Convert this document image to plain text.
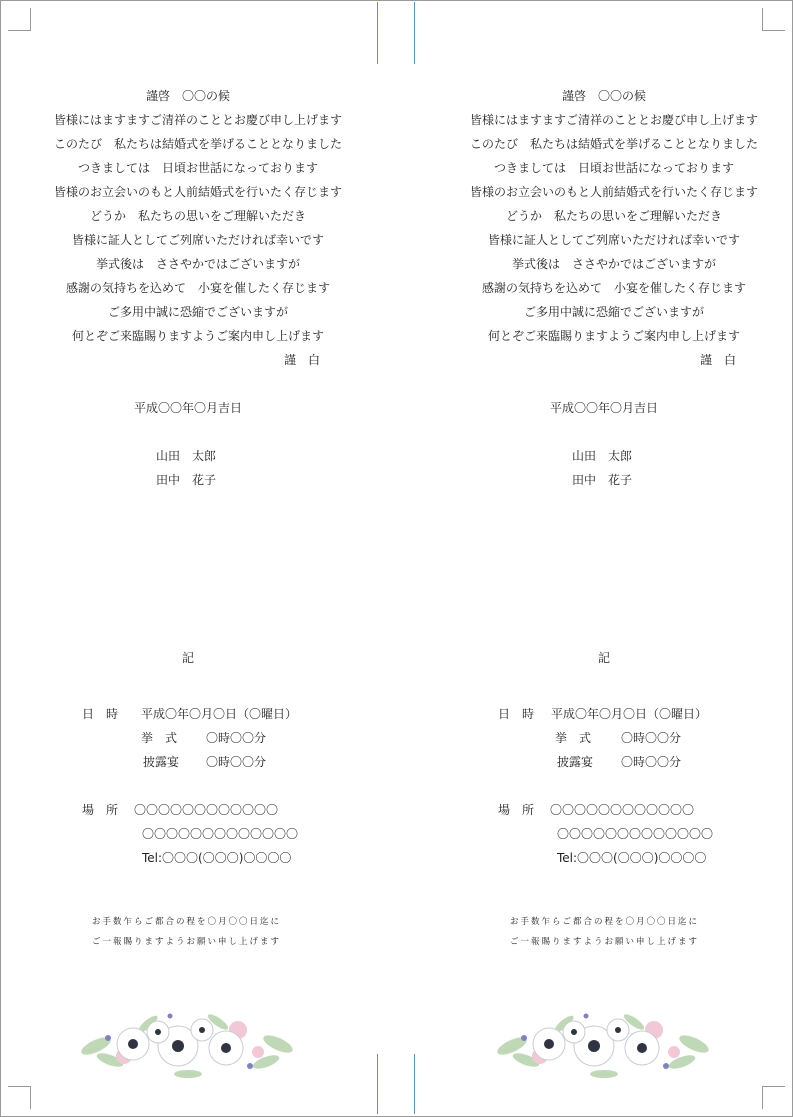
謹啓　〇〇の候
皆様にはますますご清祥のこととお慶び申し上げます
このたび　私たちは結婚式を挙げることとなりました
つきましては　日頃お世話になっております
皆様のお立会いのもと人前結婚式を行いたく存じます
どうか　私たちの思いをご理解いただき
皆様に証人としてご列席いただければ幸いです
挙式後は　ささやかではございますが
感謝の気持ちを込めて　小宴を催したく存じます
ご多用中誠に恐縮でございますが
何とぞご来臨賜りますようご案内申し上げます
謹　白
平成〇〇年〇月吉日
山田　太郎
田中　花子
記
日　時 平成〇年〇月〇日（〇曜日）
挙　式 〇時〇〇分
披露宴 〇時〇〇分
場　所 〇〇〇〇〇〇〇〇〇〇〇〇
〇〇〇〇〇〇〇〇〇〇〇〇〇
Tel:〇〇〇(〇〇〇)〇〇〇〇
お手数乍らご都合の程を〇月〇〇日迄に
ご一報賜りますようお願い申し上げます
謹啓　〇〇の候
皆様にはますますご清祥のこととお慶び申し上げます
このたび　私たちは結婚式を挙げることとなりました
つきましては　日頃お世話になっております
皆様のお立会いのもと人前結婚式を行いたく存じます
どうか　私たちの思いをご理解いただき
皆様に証人としてご列席いただければ幸いです
挙式後は　ささやかではございますが
感謝の気持ちを込めて　小宴を催したく存じます
ご多用中誠に恐縮でございますが
何とぞご来臨賜りますようご案内申し上げます
謹　白
平成〇〇年〇月吉日
山田　太郎
田中　花子
記
日　時 平成〇年〇月〇日（〇曜日）
挙　式 〇時〇〇分
披露宴 〇時〇〇分
場　所 〇〇〇〇〇〇〇〇〇〇〇〇
〇〇〇〇〇〇〇〇〇〇〇〇〇
Tel:〇〇〇(〇〇〇)〇〇〇〇
お手数乍らご都合の程を〇月〇〇日迄に
ご一報賜りますようお願い申し上げます
